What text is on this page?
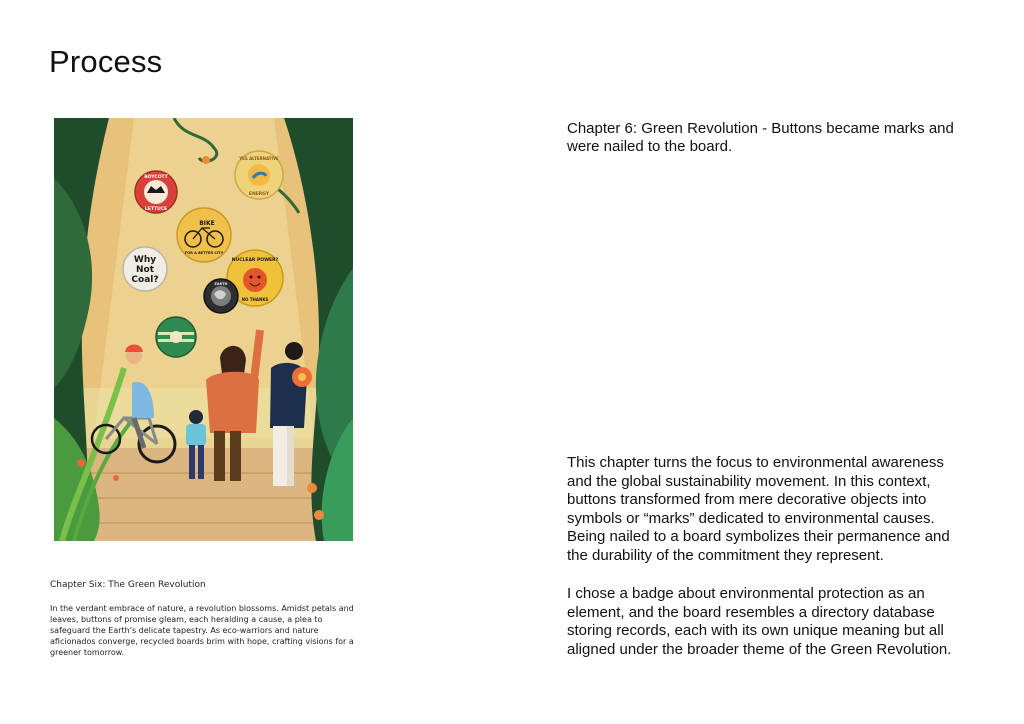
Process
BOYCOTT
LETTUCE
YES ALTERNATIVE
ENERGY
BIKE
FOR A BETTER CITY
Why
Not
Coal?
NUCLEAR POWER?
NO THANKS
EARTH
Chapter Six: The Green Revolution
In the verdant embrace of nature, a revolution blossoms. Amidst petals and leaves, buttons of promise gleam, each heralding a cause, a plea to safeguard the Earth's delicate tapestry. As eco-warriors and nature aficionados converge, recycled boards brim with hope, crafting visions for a greener tomorrow.
Chapter 6: Green Revolution - Buttons became marks and were nailed to the board.
This chapter turns the focus to environmental awareness and the global sustainability movement. In this context, buttons transformed from mere decorative objects into symbols or “marks” dedicated to environmental causes. Being nailed to a board symbolizes their permanence and the durability of the commitment they represent.
I chose a badge about environmental protection as an element, and the board resembles a directory database storing records, each with its own unique meaning but all aligned under the broader theme of the Green Revolution.
